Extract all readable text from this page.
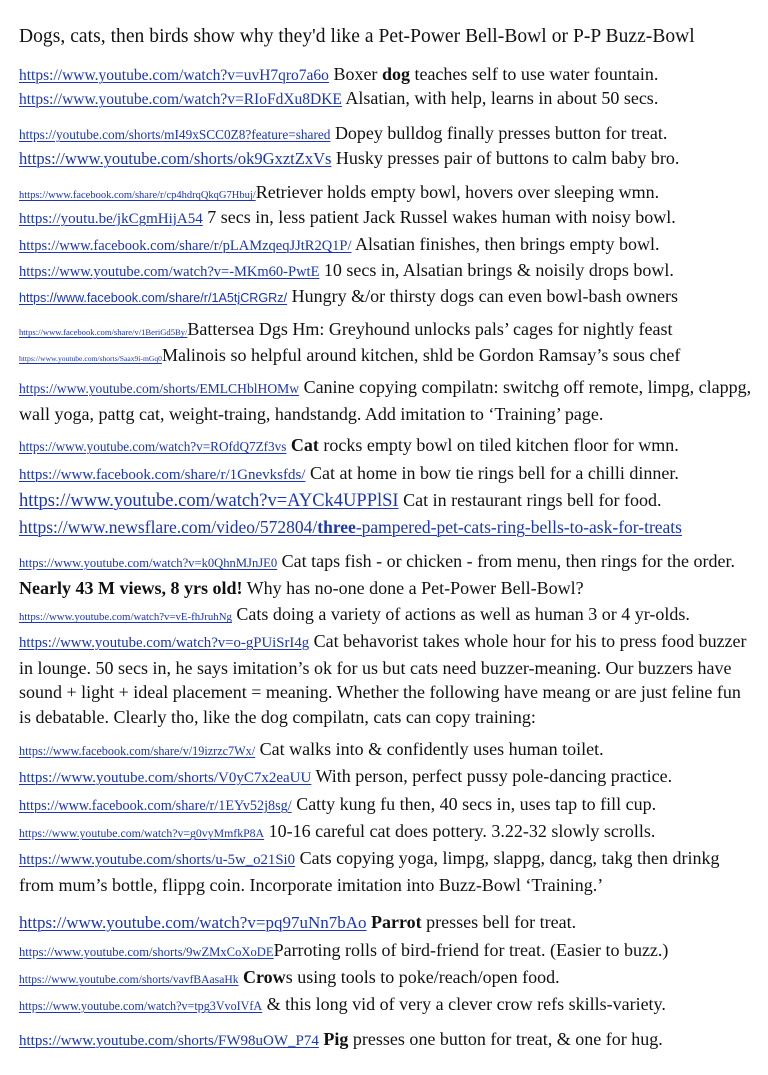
Dogs, cats, then birds show why they'd like a Pet-Power Bell-Bowl or P-P Buzz-Bowl
https://www.youtube.com/watch?v=uvH7qro7a6o Boxer dog teaches self to use water fountain.
https://www.youtube.com/watch?v=RIoFdXu8DKE Alsatian, with help, learns in about 50 secs.
https://youtube.com/shorts/mI49xSCC0Z8?feature=shared Dopey bulldog finally presses button for treat.
https://www.youtube.com/shorts/ok9GxztZxVs Husky presses pair of buttons to calm baby bro.
https://www.facebook.com/share/r/cp4hdrqQkqG7Hbuj/Retriever holds empty bowl, hovers over sleeping wmn.
https://youtu.be/jkCgmHijA54 7 secs in, less patient Jack Russel wakes human with noisy bowl.
https://www.facebook.com/share/r/pLAMzqeqJJtR2Q1P/ Alsatian finishes, then brings empty bowl.
https://www.youtube.com/watch?v=-MKm60-PwtE 10 secs in, Alsatian brings & noisily drops bowl.
https://www.facebook.com/share/r/1A5tjCRGRz/ Hungry &/or thirsty dogs can even bowl-bash owners
https://www.facebook.com/share/v/1BeriGd5By/Battersea Dgs Hm: Greyhound unlocks pals’ cages for nightly feast
https://www.youtube.com/shorts/Saax9i-mGq0Malinois so helpful around kitchen, shld be Gordon Ramsay’s sous chef
https://www.youtube.com/shorts/EMLCHblHOMw Canine copying compilatn: switchg off remote, limpg, clappg, wall yoga, pattg cat, weight-traing, handstandg. Add imitation to ‘Training’ page.
https://www.youtube.com/watch?v=ROfdQ7Zf3vs Cat rocks empty bowl on tiled kitchen floor for wmn.
https://www.facebook.com/share/r/1Gnevksfds/ Cat at home in bow tie rings bell for a chilli dinner.
https://www.youtube.com/watch?v=AYCk4UPPlSI Cat in restaurant rings bell for food.
https://www.newsflare.com/video/572804/three-pampered-pet-cats-ring-bells-to-ask-for-treats
https://www.youtube.com/watch?v=k0QhnMJnJE0 Cat taps fish - or chicken - from menu, then rings for the order. Nearly 43 M views, 8 yrs old! Why has no-one done a Pet-Power Bell-Bowl?
https://www.youtube.com/watch?v=vE-fhJruhNg Cats doing a variety of actions as well as human 3 or 4 yr-olds.
https://www.youtube.com/watch?v=o-gPUiSrI4g Cat behavorist takes whole hour for his to press food buzzer in lounge. 50 secs in, he says imitation’s ok for us but cats need buzzer-meaning. Our buzzers have sound + light + ideal placement = meaning. Whether the following have meang or are just feline fun is debatable. Clearly tho, like the dog compilatn, cats can copy training:
https://www.facebook.com/share/v/19izrzc7Wx/ Cat walks into & confidently uses human toilet.
https://www.youtube.com/shorts/V0yC7x2eaUU With person, perfect pussy pole-dancing practice.
https://www.facebook.com/share/r/1EYv52j8sg/ Catty kung fu then, 40 secs in, uses tap to fill cup.
https://www.youtube.com/watch?v=g0vyMmfkP8A 10-16 careful cat does pottery. 3.22-32 slowly scrolls.
https://www.youtube.com/shorts/u-5w_o21Si0 Cats copying yoga, limpg, slappg, dancg, takg then drinkg from mum’s bottle, flippg coin. Incorporate imitation into Buzz-Bowl ‘Training.’
https://www.youtube.com/watch?v=pq97uNn7bAo Parrot presses bell for treat.
https://www.youtube.com/shorts/9wZMxCoXoDEParroting rolls of bird-friend for treat. (Easier to buzz.)
https://www.youtube.com/shorts/vavfBAasaHk Crows using tools to poke/reach/open food.
https://www.youtube.com/watch?v=tpg3VvoIVfA & this long vid of very a clever crow refs skills-variety.
https://www.youtube.com/shorts/FW98uOW_P74 Pig presses one button for treat, & one for hug.
